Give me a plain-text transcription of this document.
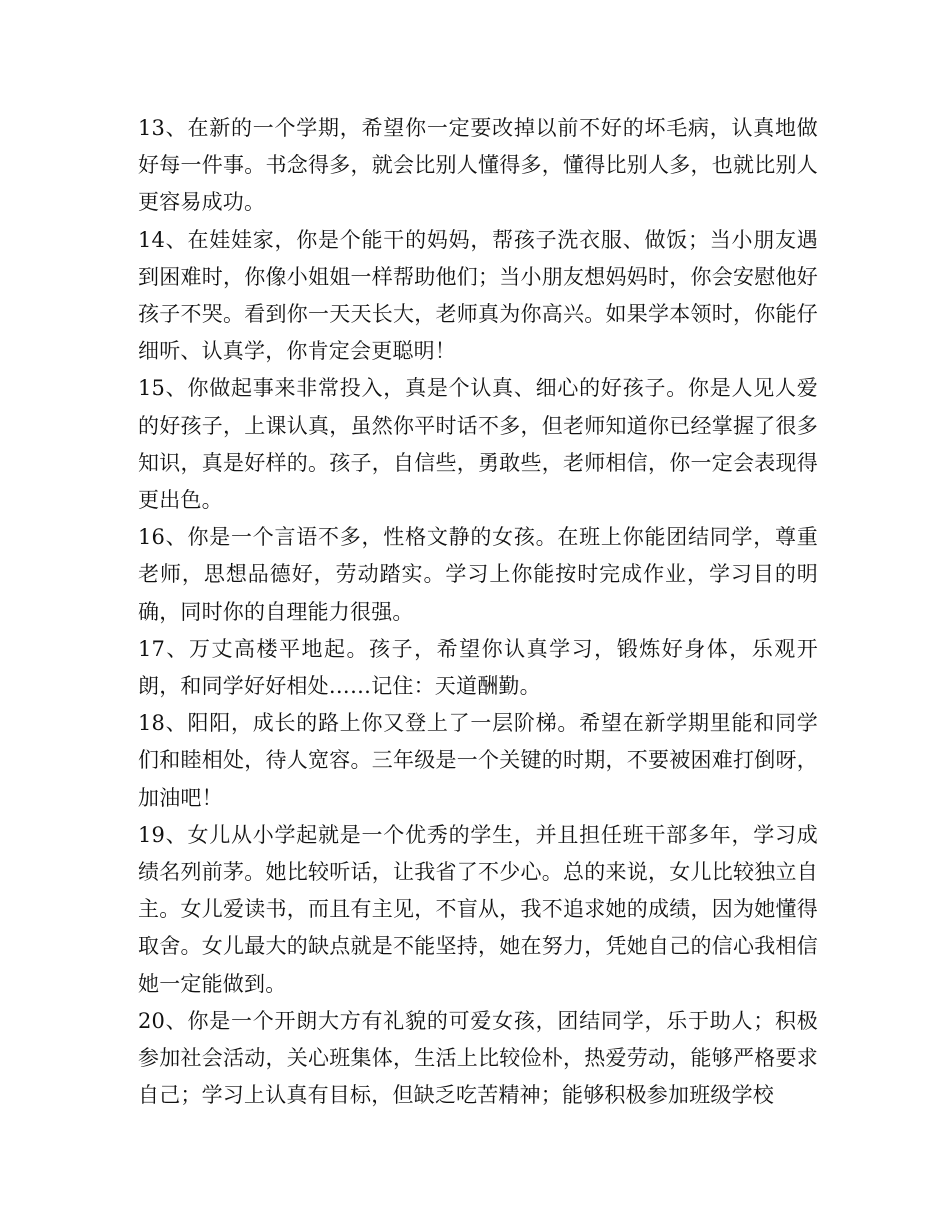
13、在新的一个学期，希望你一定要改掉以前不好的坏毛病，认真地做好每一件事。书念得多，就会比别人懂得多，懂得比别人多，也就比别人更容易成功。

14、在娃娃家，你是个能干的妈妈，帮孩子洗衣服、做饭；当小朋友遇到困难时，你像小姐姐一样帮助他们；当小朋友想妈妈时，你会安慰他好孩子不哭。看到你一天天长大，老师真为你高兴。如果学本领时，你能仔细听、认真学，你肯定会更聪明！

15、你做起事来非常投入，真是个认真、细心的好孩子。你是人见人爱的好孩子，上课认真，虽然你平时话不多，但老师知道你已经掌握了很多知识，真是好样的。孩子，自信些，勇敢些，老师相信，你一定会表现得更出色。

16、你是一个言语不多，性格文静的女孩。在班上你能团结同学，尊重老师，思想品德好，劳动踏实。学习上你能按时完成作业，学习目的明确，同时你的自理能力很强。

17、万丈高楼平地起。孩子，希望你认真学习，锻炼好身体，乐观开朗，和同学好好相处……记住：天道酬勤。

18、阳阳，成长的路上你又登上了一层阶梯。希望在新学期里能和同学们和睦相处，待人宽容。三年级是一个关键的时期，不要被困难打倒呀，加油吧！

19、女儿从小学起就是一个优秀的学生，并且担任班干部多年，学习成绩名列前茅。她比较听话，让我省了不少心。总的来说，女儿比较独立自主。女儿爱读书，而且有主见，不盲从，我不追求她的成绩，因为她懂得取舍。女儿最大的缺点就是不能坚持，她在努力，凭她自己的信心我相信她一定能做到。

20、你是一个开朗大方有礼貌的可爱女孩，团结同学，乐于助人；积极参加社会活动，关心班集体，生活上比较俭朴，热爱劳动，能够严格要求自己；学习上认真有目标，但缺乏吃苦精神；能够积极参加班级学校
